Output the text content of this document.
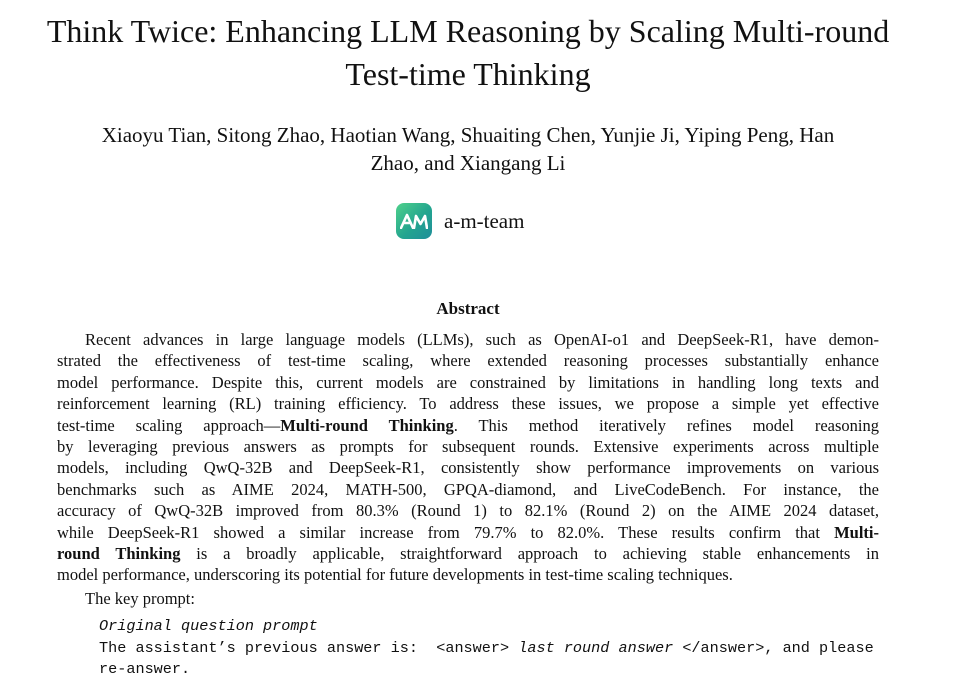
Think Twice: Enhancing LLM Reasoning by Scaling Multi-round
Test-time Thinking
Xiaoyu Tian, Sitong Zhao, Haotian Wang, Shuaiting Chen, Yunjie Ji, Yiping Peng, Han
Zhao, and Xiangang Li
a-m-team
Abstract
Recent advances in large language models (LLMs), such as OpenAI-o1 and DeepSeek-R1, have demon-
strated the effectiveness of test-time scaling, where extended reasoning processes substantially enhance
model performance. Despite this, current models are constrained by limitations in handling long texts and
reinforcement learning (RL) training efficiency. To address these issues, we propose a simple yet effective
test-time scaling approach—Multi-round Thinking. This method iteratively refines model reasoning
by leveraging previous answers as prompts for subsequent rounds. Extensive experiments across multiple
models, including QwQ-32B and DeepSeek-R1, consistently show performance improvements on various
benchmarks such as AIME 2024, MATH-500, GPQA-diamond, and LiveCodeBench. For instance, the
accuracy of QwQ-32B improved from 80.3% (Round 1) to 82.1% (Round 2) on the AIME 2024 dataset,
while DeepSeek-R1 showed a similar increase from 79.7% to 82.0%. These results confirm that Multi-
round Thinking is a broadly applicable, straightforward approach to achieving stable enhancements in
model performance, underscoring its potential for future developments in test-time scaling techniques.

The key prompt:

Original question prompt
The assistant’s previous answer is:  <answer> last round answer </answer>, and please
re-answer.
